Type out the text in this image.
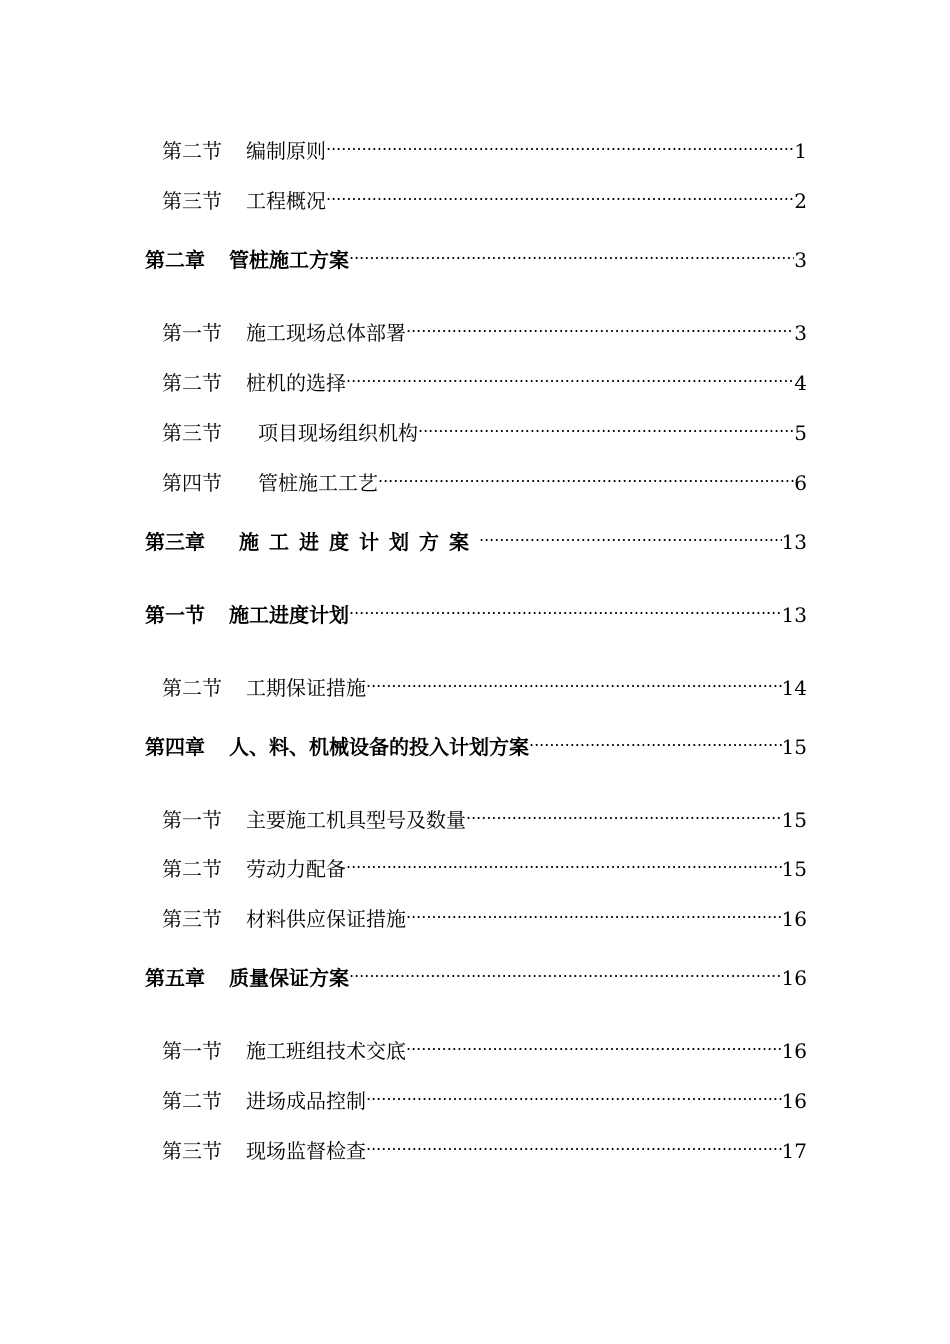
第二节 编制原则 .....	1
第三节 工程概况 .....	2
第二章 管桩施工方案 .....	3
第一节 施工现场总体部署 .....	3
第二节 桩机的选择 .....	4
第三节 项目现场组织机构 .....	5
第四节 管桩施工工艺 .....	6
第三章 施工进度计划方案 .....	13
第一节 施工进度计划 .....	13
第二节 工期保证措施 .....	14
第四章 人、料、机械设备的投入计划方案 .....	15
第一节 主要施工机具型号及数量 .....	15
第二节 劳动力配备 .....	15
第三节 材料供应保证措施 .....	16
第五章 质量保证方案 .....	16
第一节 施工班组技术交底 .....	16
第二节 进场成品控制 .....	16
第三节 现场监督检查 .....	17
